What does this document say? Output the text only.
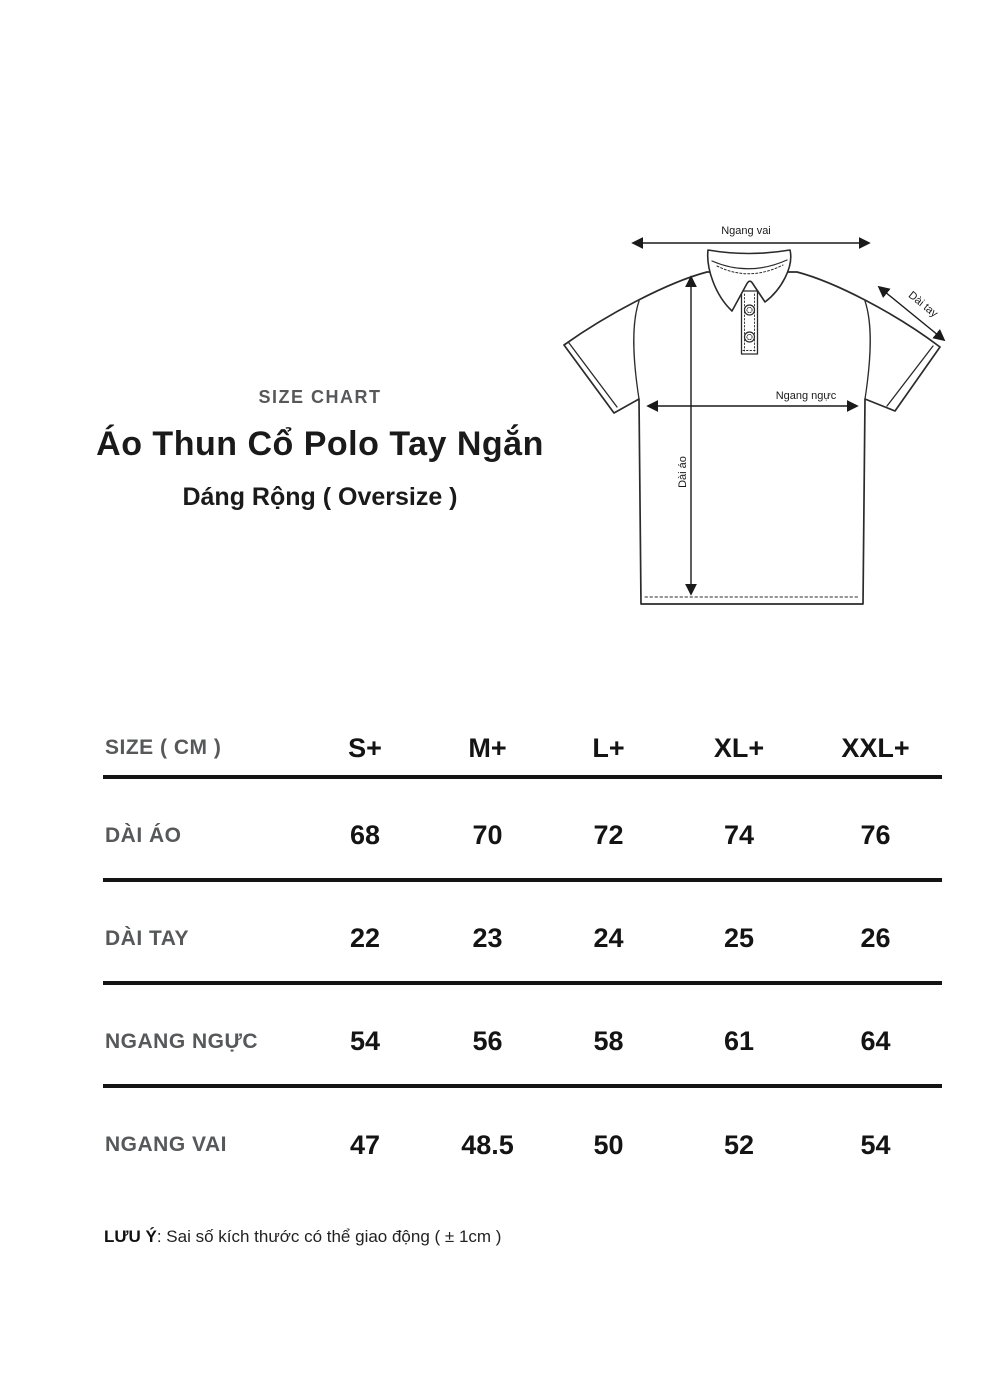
SIZE CHART
Áo Thun Cổ Polo Tay Ngắn
Dáng Rộng ( Oversize )
Ngang vai
Ngang ngực
Dài áo
Dài tay
SIZE ( CM )	S+	M+	L+	XL+	XXL+
DÀI ÁO	68	70	72	74	76
DÀI TAY	22	23	24	25	26
NGANG NGỰC	54	56	58	61	64
NGANG VAI	47	48.5	50	52	54

LƯU Ý: Sai số kích thước có thể giao động ( ± 1cm )
